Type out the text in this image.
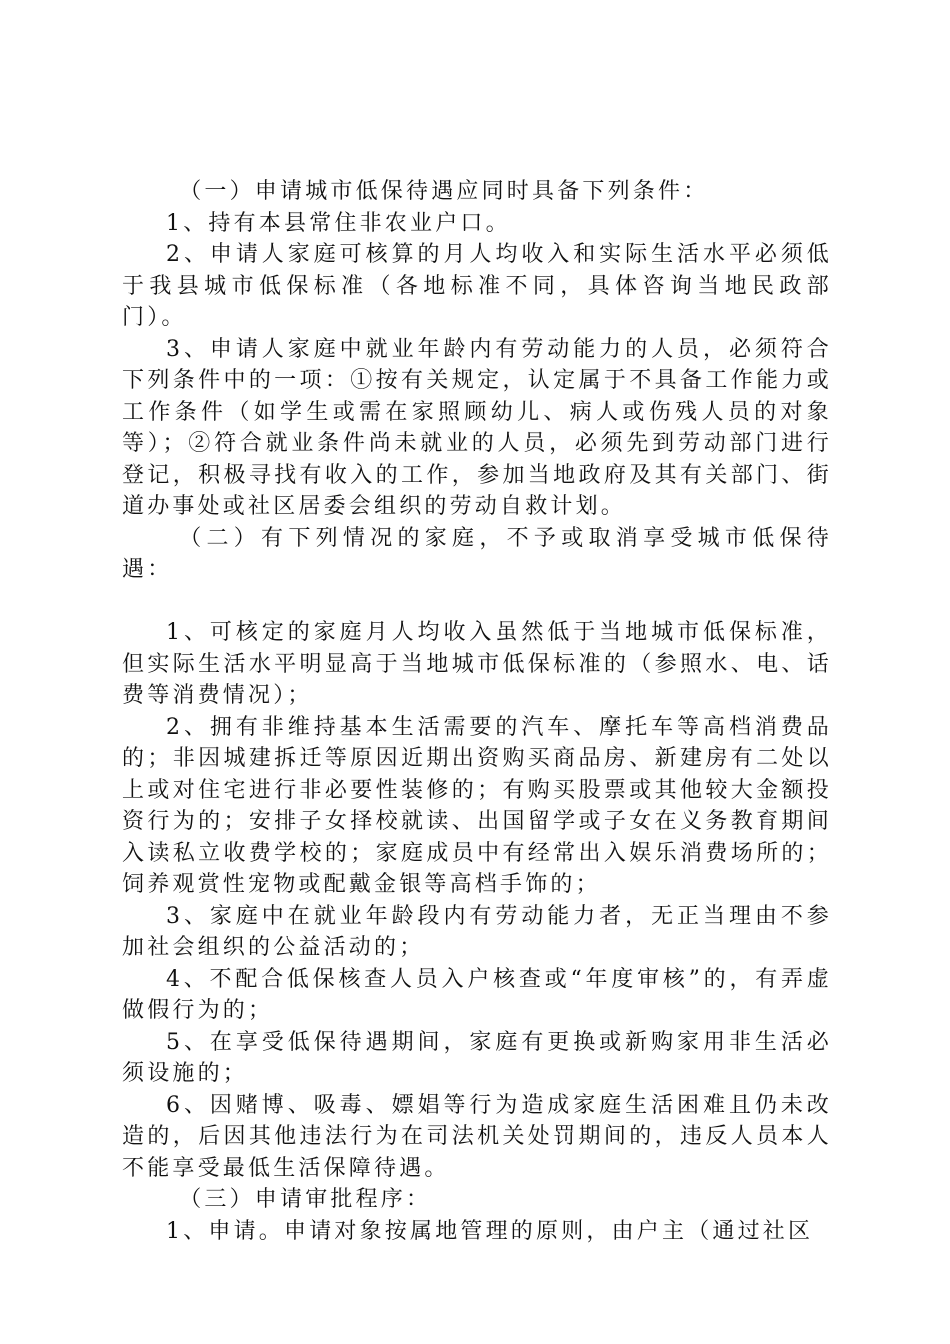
（一）申请城市低保待遇应同时具备下列条件：

1、持有本县常住非农业户口。

2、申请人家庭可核算的月人均收入和实际生活水平必须低于我县城市低保标准（各地标准不同，具体咨询当地民政部门）。

3、申请人家庭中就业年龄内有劳动能力的人员，必须符合下列条件中的一项：①按有关规定，认定属于不具备工作能力或工作条件（如学生或需在家照顾幼儿、病人或伤残人员的对象等）；②符合就业条件尚未就业的人员，必须先到劳动部门进行登记，积极寻找有收入的工作，参加当地政府及其有关部门、街道办事处或社区居委会组织的劳动自救计划。

（二）有下列情况的家庭，不予或取消享受城市低保待遇：

1、可核定的家庭月人均收入虽然低于当地城市低保标准，但实际生活水平明显高于当地城市低保标准的（参照水、电、话费等消费情况）；

2、拥有非维持基本生活需要的汽车、摩托车等高档消费品的；非因城建拆迁等原因近期出资购买商品房、新建房有二处以上或对住宅进行非必要性装修的；有购买股票或其他较大金额投资行为的；安排子女择校就读、出国留学或子女在义务教育期间入读私立收费学校的；家庭成员中有经常出入娱乐消费场所的；饲养观赏性宠物或配戴金银等高档手饰的；

3、家庭中在就业年龄段内有劳动能力者，无正当理由不参加社会组织的公益活动的；

4、不配合低保核查人员入户核查或“年度审核”的，有弄虚做假行为的；

5、在享受低保待遇期间，家庭有更换或新购家用非生活必须设施的；

6、因赌博、吸毒、嫖娼等行为造成家庭生活困难且仍未改造的，后因其他违法行为在司法机关处罚期间的，违反人员本人不能享受最低生活保障待遇。

（三）申请审批程序：

1、申请。申请对象按属地管理的原则，由户主（通过社区
